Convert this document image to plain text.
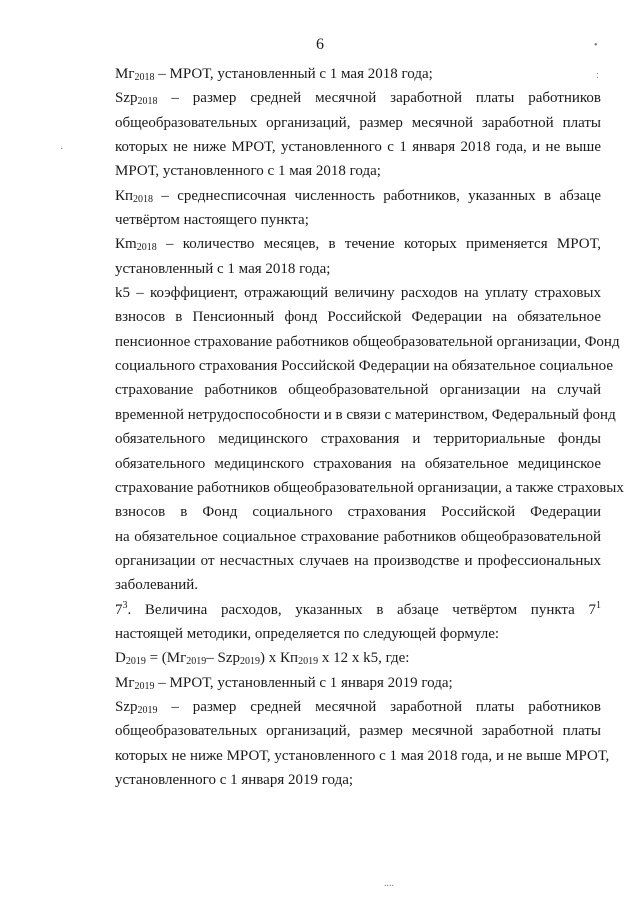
6
$Мг_{2018}$ – МРОТ, установленный с 1 мая 2018 года;
Szp$_{2018}$ – размер средней месячной заработной платы работников
общеобразовательных организаций, размер месячной заработной платы
которых не ниже МРОТ, установленного с 1 января 2018 года, и не выше
МРОТ, установленного с 1 мая 2018 года;
$Кп_{2018}$ – среднесписочная численность работников, указанных в абзаце
четвёртом настоящего пункта;
$Кm_{2018}$ – количество месяцев, в течение которых применяется МРОТ,
установленный с 1 мая 2018 года;
k5 – коэффициент, отражающий величину расходов на уплату страховых
взносов в Пенсионный фонд Российской Федерации на обязательное
пенсионное страхование работников общеобразовательной организации, Фонд
социального страхования Российской Федерации на обязательное социальное
страхование работников общеобразовательной организации на случай
временной нетрудоспособности и в связи с материнством, Федеральный фонд
обязательного медицинского страхования и территориальные фонды
обязательного медицинского страхования на обязательное медицинское
страхование работников общеобразовательной организации, а также страховых
взносов в Фонд социального страхования Российской Федерации
на обязательное социальное страхование работников общеобразовательной
организации от несчастных случаев на производстве и профессиональных
заболеваний.
$7^3$. Величина расходов, указанных в абзаце четвёртом пункта $7^1$
настоящей методики, определяется по следующей формуле:
$D_{2019} = (Мг_{2019}-$ Szp$_{2019}$) х $Кп_{2019}$ х 12 х k5, где:
$Мг_{2019}$ – МРОТ, установленный с 1 января 2019 года;
Szp$_{2019}$ – размер средней месячной заработной платы работников
общеобразовательных организаций, размер месячной заработной платы
которых не ниже МРОТ, установленного с 1 мая 2018 года, и не выше МРОТ,
установленного с 1 января 2019 года;
•
:
·
....
